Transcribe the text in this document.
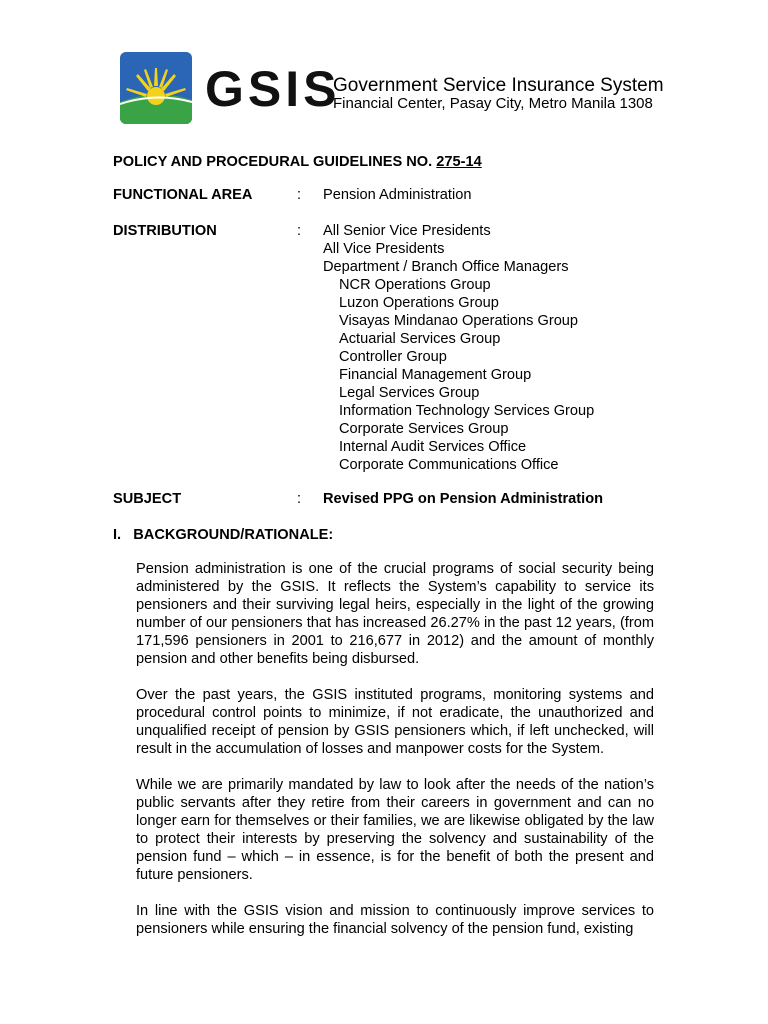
GSIS
Government Service Insurance System
Financial Center, Pasay City, Metro Manila 1308
POLICY AND PROCEDURAL GUIDELINES NO. 275-14
FUNCTIONAL AREA	: Pension Administration
DISTRIBUTION	: All Senior Vice Presidents
All Vice Presidents
Department / Branch Office Managers
NCR Operations Group
Luzon Operations Group
Visayas Mindanao Operations Group
Actuarial Services Group
Controller Group
Financial Management Group
Legal Services Group
Information Technology Services Group
Corporate Services Group
Internal Audit Services Office
Corporate Communications Office
SUBJECT	: Revised PPG on Pension Administration
I.   BACKGROUND/RATIONALE:
Pension administration is one of the crucial programs of social security being administered by the GSIS. It reflects the System’s capability to service its pensioners and their surviving legal heirs, especially in the light of the growing number of our pensioners that has increased 26.27% in the past 12 years, (from 171,596 pensioners in 2001 to 216,677 in 2012) and the amount of monthly pension and other benefits being disbursed.
Over the past years, the GSIS instituted programs, monitoring systems and procedural control points to minimize, if not eradicate, the unauthorized and unqualified receipt of pension by GSIS pensioners which, if left unchecked, will result in the accumulation of losses and manpower costs for the System.
While we are primarily mandated by law to look after the needs of the nation’s public servants after they retire from their careers in government and can no longer earn for themselves or their families, we are likewise obligated by the law to protect their interests by preserving the solvency and sustainability of the pension fund – which – in essence, is for the benefit of both the present and future pensioners.
In line with the GSIS vision and mission to continuously improve services to pensioners while ensuring the financial solvency of the pension fund, existing
